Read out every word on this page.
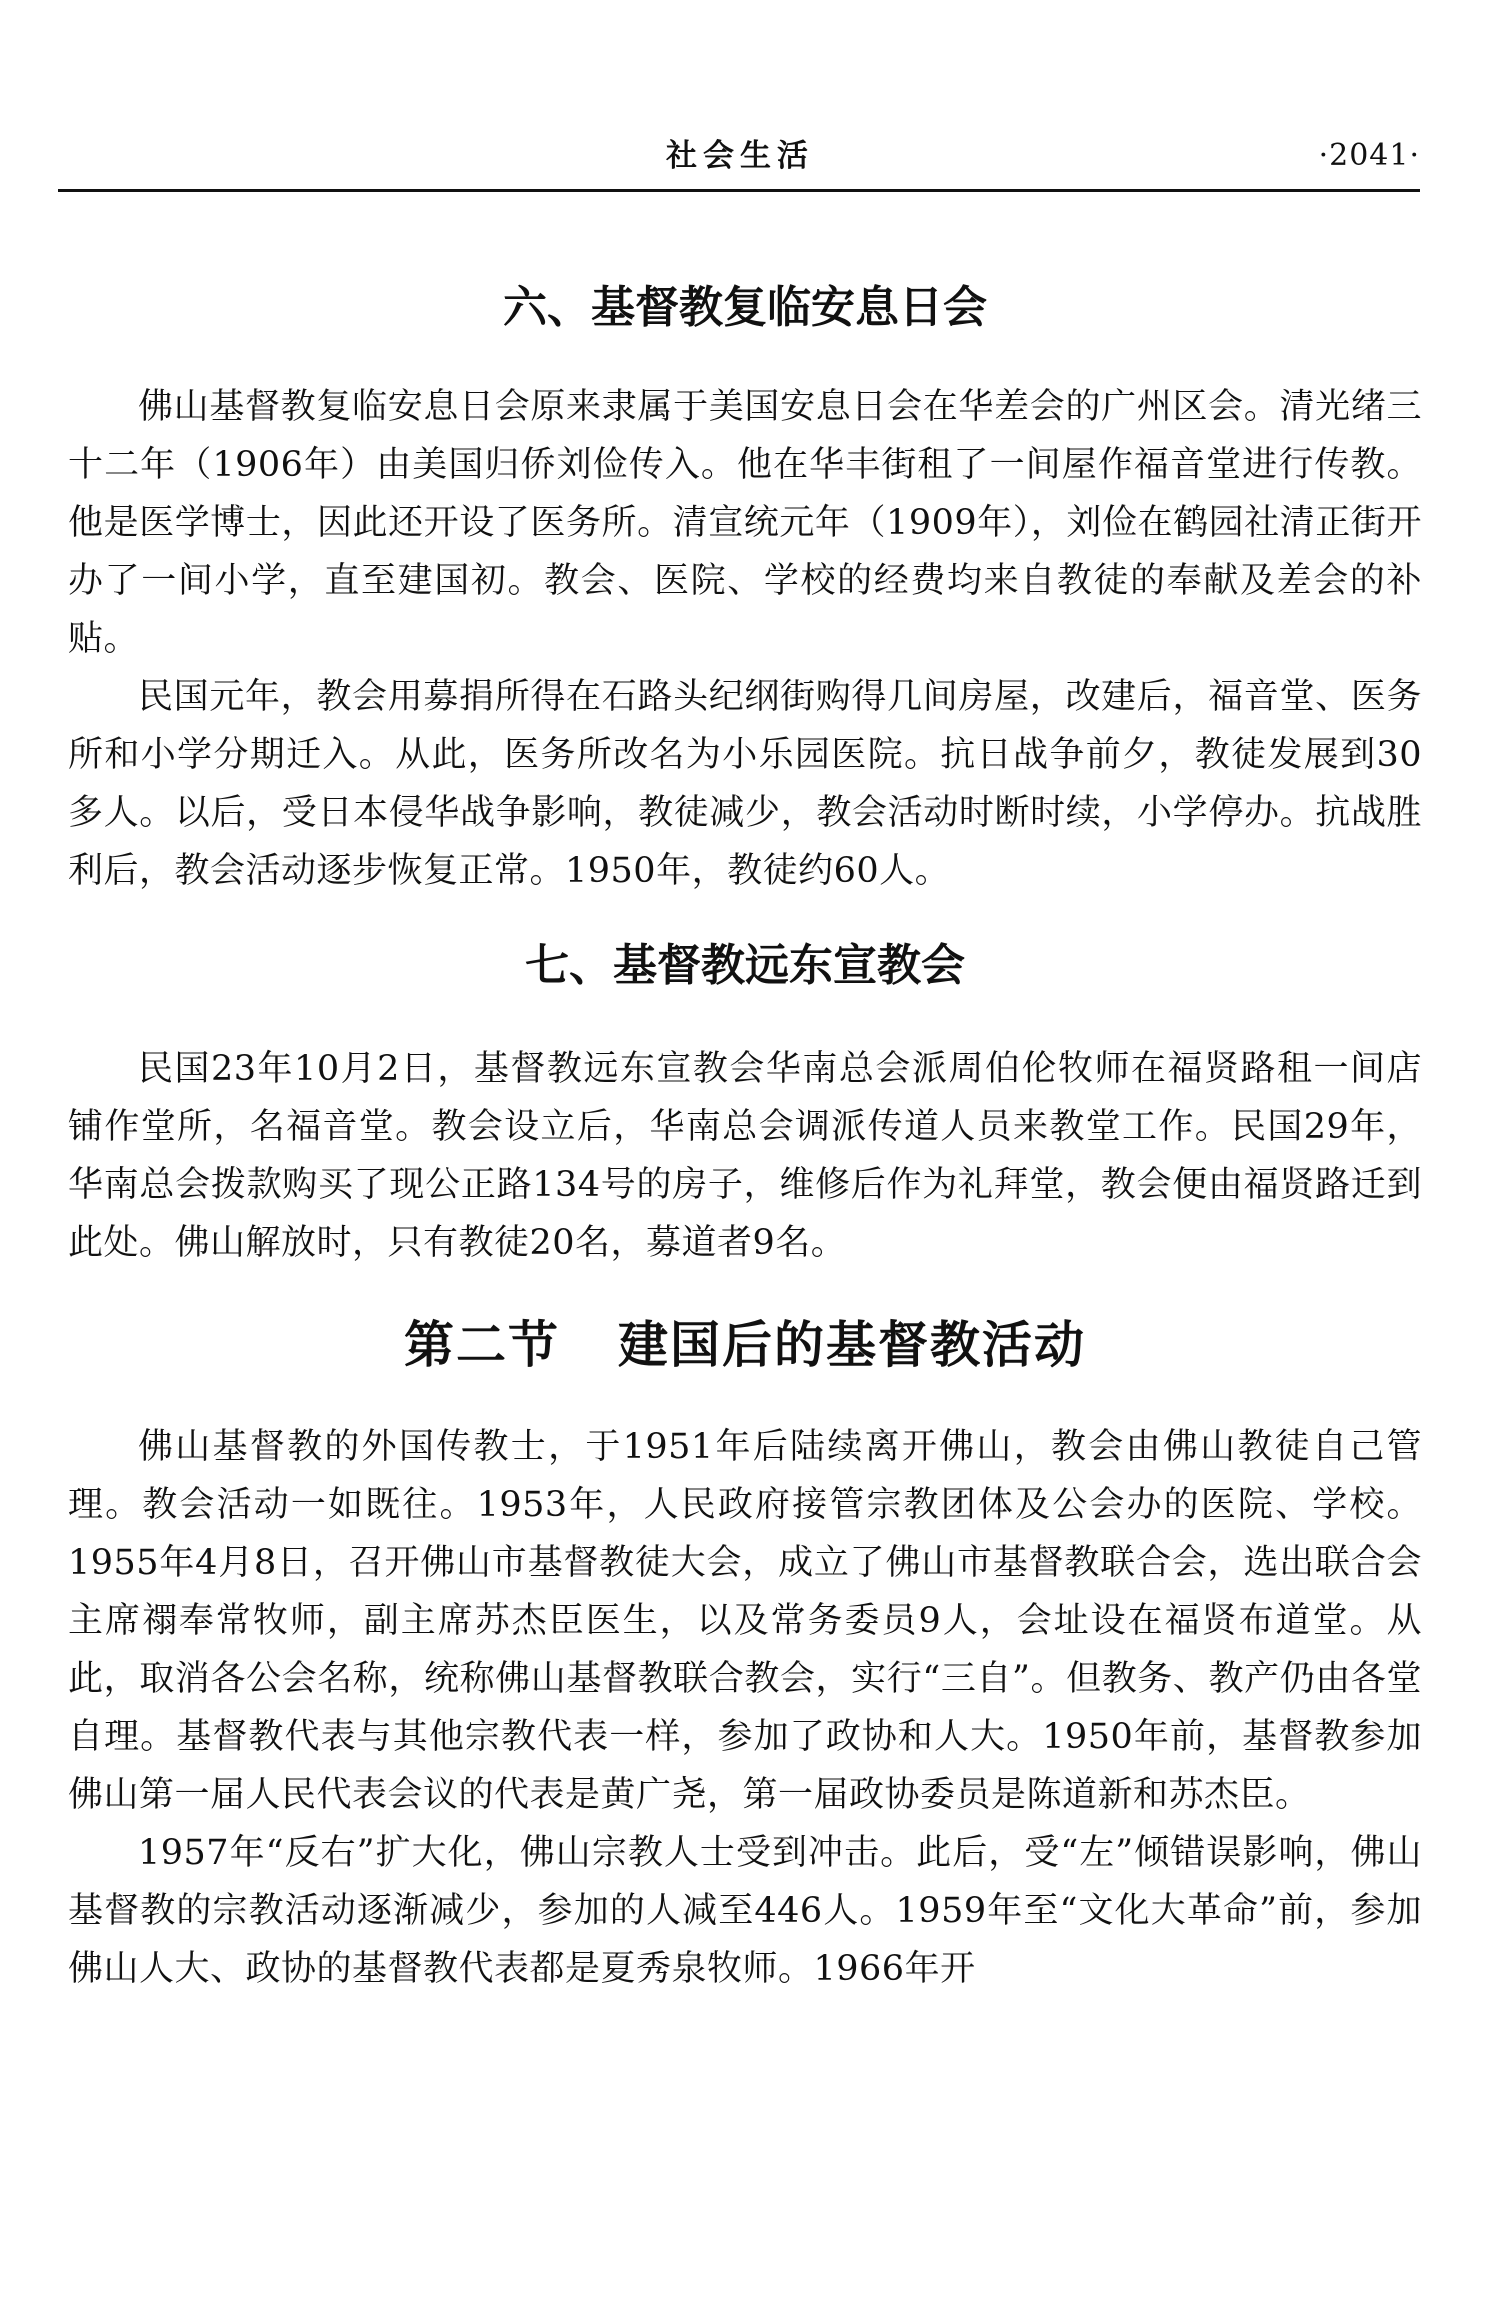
社会生活	·2041·
六、基督教复临安息日会

佛山基督教复临安息日会原来隶属于美国安息日会在华差会的广州区会。清光绪三十二年（1906年）由美国归侨刘俭传入。他在华丰街租了一间屋作福音堂进行传教。他是医学博士，因此还开设了医务所。清宣统元年（1909年），刘俭在鹤园社清正街开办了一间小学，直至建国初。教会、医院、学校的经费均来自教徒的奉献及差会的补贴。

民国元年，教会用募捐所得在石路头纪纲街购得几间房屋，改建后，福音堂、医务所和小学分期迁入。从此，医务所改名为小乐园医院。抗日战争前夕，教徒发展到30多人。以后，受日本侵华战争影响，教徒减少，教会活动时断时续，小学停办。抗战胜利后，教会活动逐步恢复正常。1950年，教徒约60人。

七、基督教远东宣教会

民国23年10月2日，基督教远东宣教会华南总会派周伯伦牧师在福贤路租一间店铺作堂所，名福音堂。教会设立后，华南总会调派传道人员来教堂工作。民国29年，华南总会拨款购买了现公正路134号的房子，维修后作为礼拜堂，教会便由福贤路迁到此处。佛山解放时，只有教徒20名，募道者9名。

第二节 建国后的基督教活动

佛山基督教的外国传教士，于1951年后陆续离开佛山，教会由佛山教徒自己管理。教会活动一如既往。1953年，人民政府接管宗教团体及公会办的医院、学校。1955年4月8日，召开佛山市基督教徒大会，成立了佛山市基督教联合会，选出联合会主席禤奉常牧师，副主席苏杰臣医生，以及常务委员9人，会址设在福贤布道堂。从此，取消各公会名称，统称佛山基督教联合教会，实行“三自”。但教务、教产仍由各堂自理。基督教代表与其他宗教代表一样，参加了政协和人大。1950年前，基督教参加佛山第一届人民代表会议的代表是黄广尧，第一届政协委员是陈道新和苏杰臣。

1957年“反右”扩大化，佛山宗教人士受到冲击。此后，受“左”倾错误影响，佛山基督教的宗教活动逐渐减少，参加的人减至446人。1959年至“文化大革命”前，参加佛山人大、政协的基督教代表都是夏秀泉牧师。1966年开
